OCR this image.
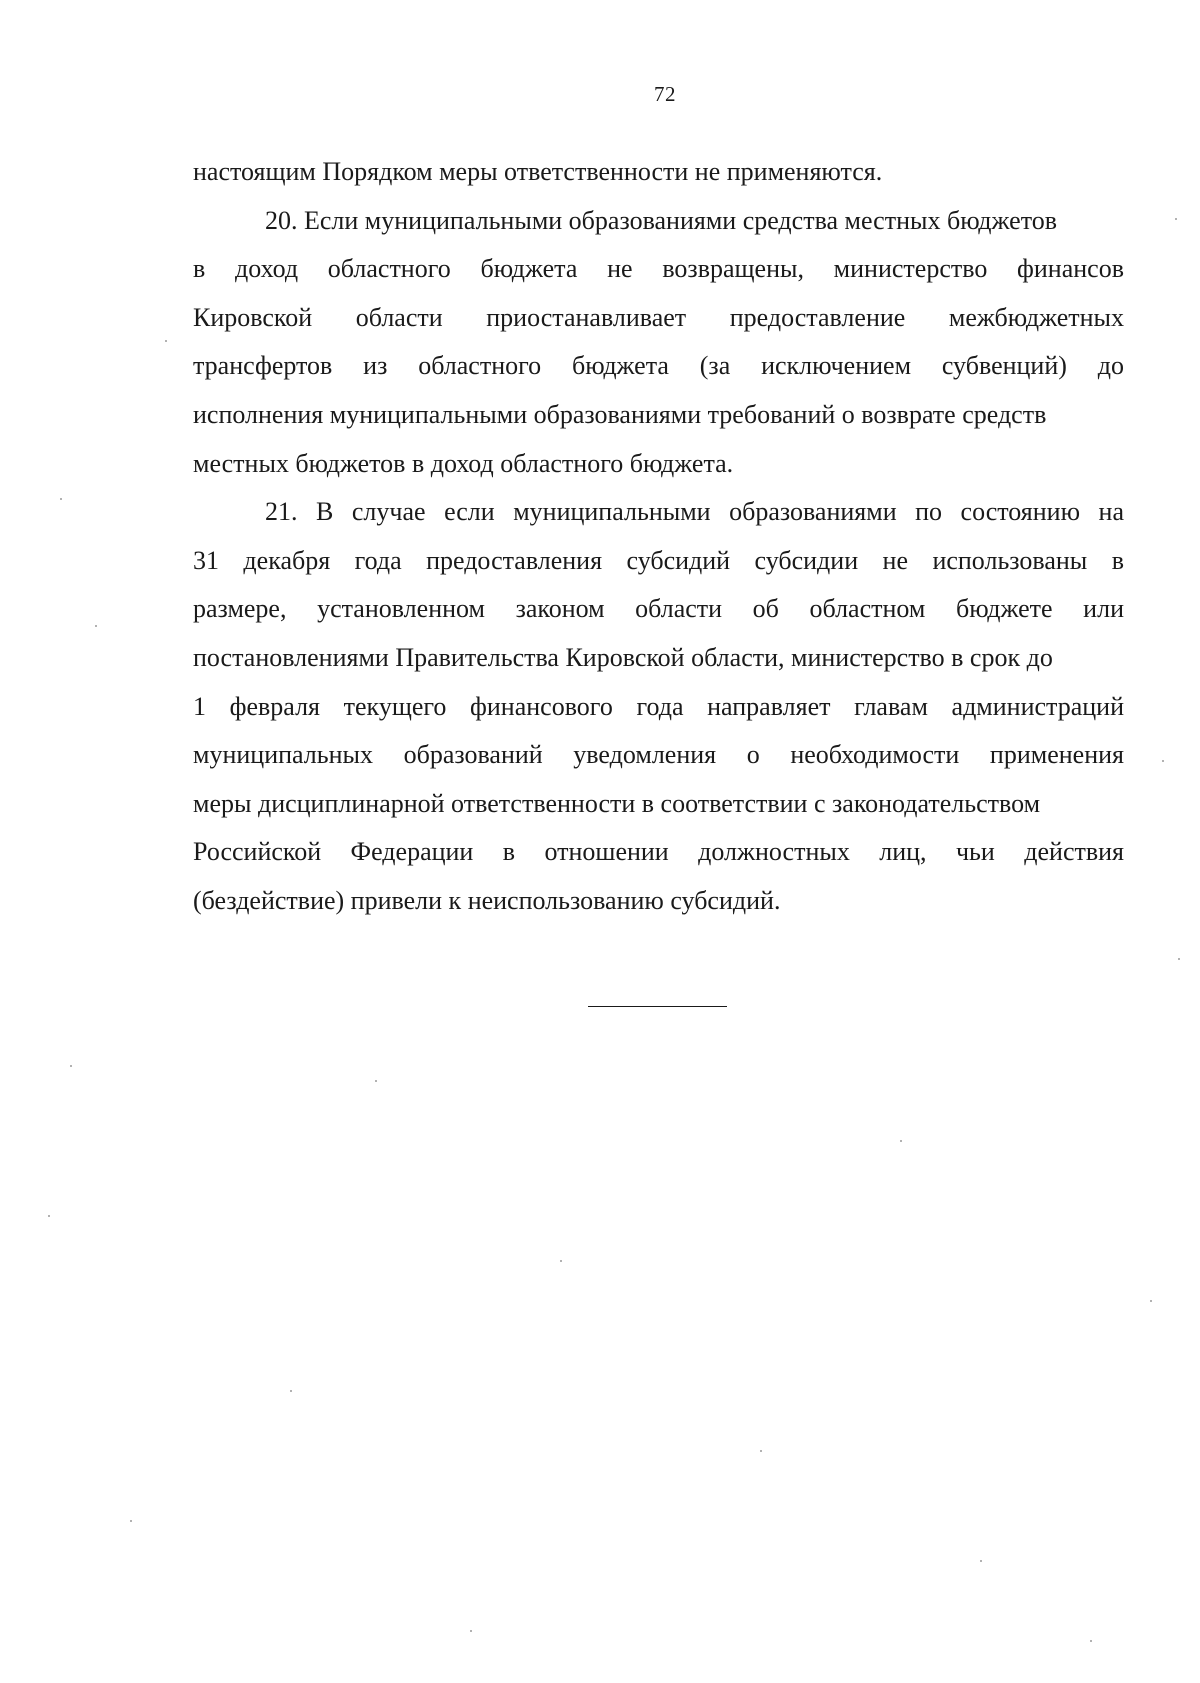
72
настоящим Порядком меры ответственности не применяются.
20. Если муниципальными образованиями средства местных бюджетов
в доход областного бюджета не возвращены, министерство финансов
Кировской области приостанавливает предоставление межбюджетных
трансфертов из областного бюджета (за исключением субвенций) до
исполнения муниципальными образованиями требований о возврате средств
местных бюджетов в доход областного бюджета.
21. В случае если муниципальными образованиями по состоянию на
31 декабря года предоставления субсидий субсидии не использованы в
размере, установленном законом области об областном бюджете или
постановлениями Правительства Кировской области, министерство в срок до
1 февраля текущего финансового года направляет главам администраций
муниципальных образований уведомления о необходимости применения
меры дисциплинарной ответственности в соответствии с законодательством
Российской Федерации в отношении должностных лиц, чьи действия
(бездействие) привели к неиспользованию субсидий.
